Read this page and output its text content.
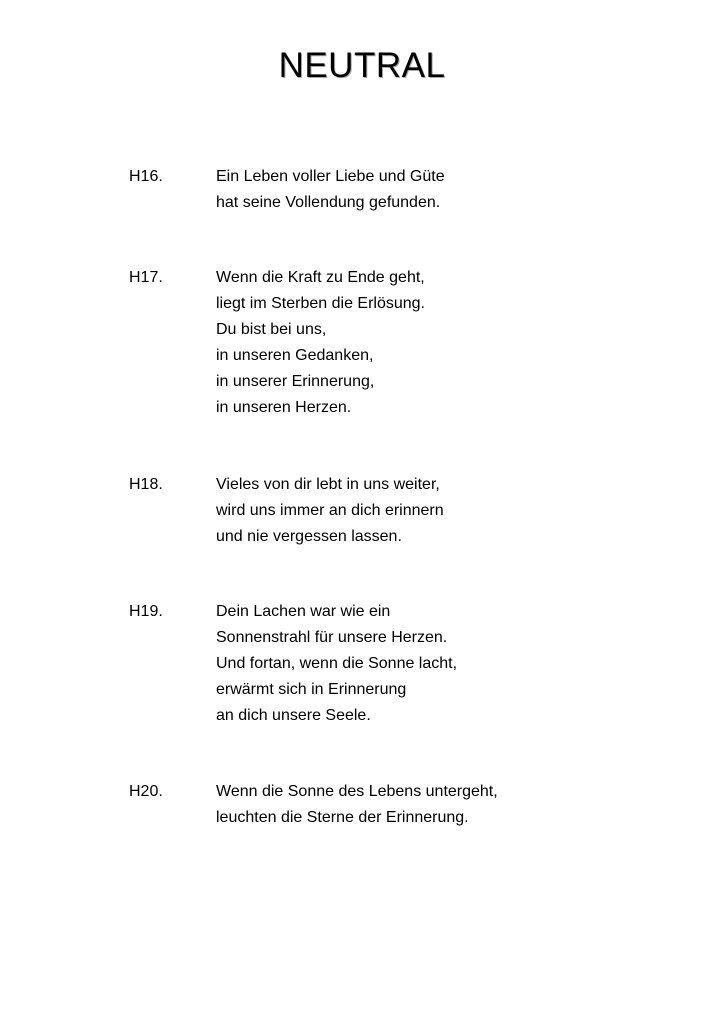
NEUTRAL
H16.	Ein Leben voller Liebe und Güte
hat seine Vollendung gefunden.
H17.	Wenn die Kraft zu Ende geht,
liegt im Sterben die Erlösung.
Du bist bei uns,
in unseren Gedanken,
in unserer Erinnerung,
in unseren Herzen.
H18.	Vieles von dir lebt in uns weiter,
wird uns immer an dich erinnern
und nie vergessen lassen.
H19.	Dein Lachen war wie ein
Sonnenstrahl für unsere Herzen.
Und fortan, wenn die Sonne lacht,
erwärmt sich in Erinnerung
an dich unsere Seele.
H20.	Wenn die Sonne des Lebens untergeht,
leuchten die Sterne der Erinnerung.
